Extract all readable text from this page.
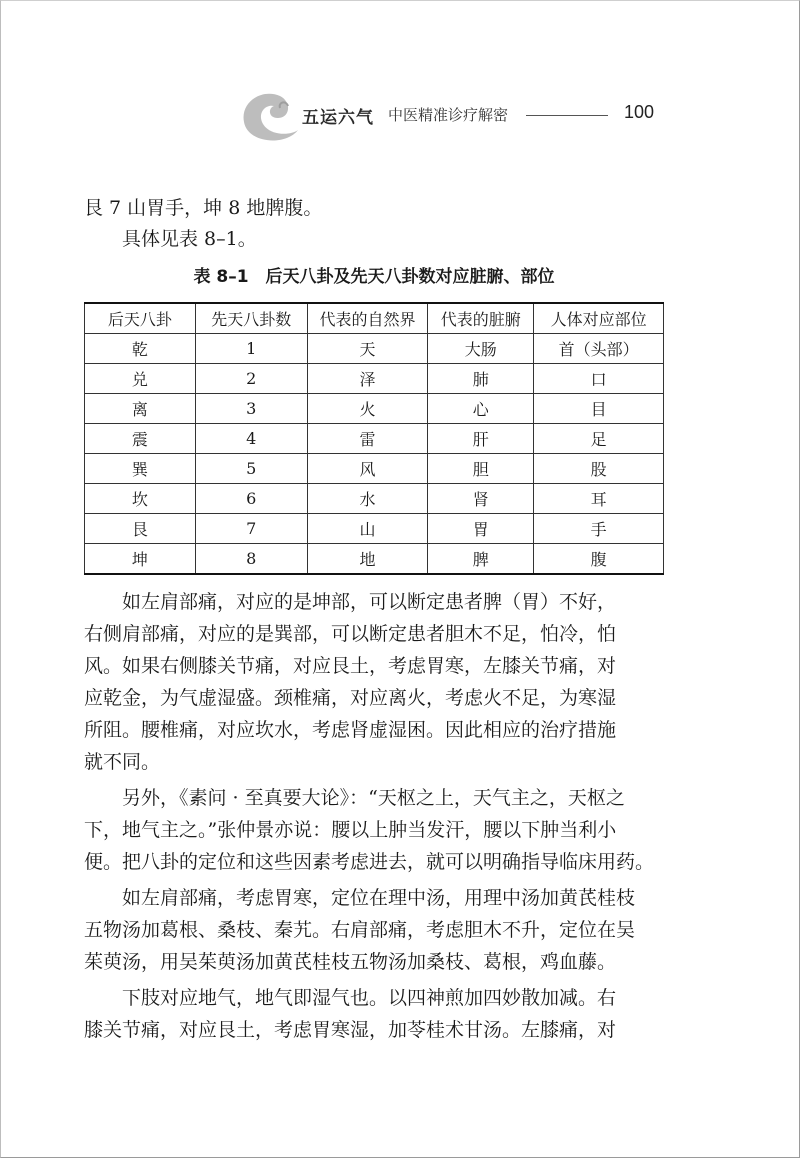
五运六气 中医精准诊疗解密	100

艮 7 山胃手，坤 8 地脾腹。

具体见表 8–1。

表 8–1　后天八卦及先天八卦数对应脏腑、部位

后天八卦	先天八卦数	代表的自然界	代表的脏腑	人体对应部位
乾	1	天	大肠	首（头部）
兑	2	泽	肺	口
离	3	火	心	目
震	4	雷	肝	足
巽	5	风	胆	股
坎	6	水	肾	耳
艮	7	山	胃	手
坤	8	地	脾	腹

如左肩部痛，对应的是坤部，可以断定患者脾（胃）不好，

右侧肩部痛，对应的是巽部，可以断定患者胆木不足，怕冷，怕

风。如果右侧膝关节痛，对应艮土，考虑胃寒，左膝关节痛，对

应乾金，为气虚湿盛。颈椎痛，对应离火，考虑火不足，为寒湿

所阻。腰椎痛，对应坎水，考虑肾虚湿困。因此相应的治疗措施

就不同。

另外，《素问 · 至真要大论》：“天枢之上，天气主之，天枢之

下，地气主之。”张仲景亦说：腰以上肿当发汗，腰以下肿当利小

便。把八卦的定位和这些因素考虑进去，就可以明确指导临床用药。

如左肩部痛，考虑胃寒，定位在理中汤，用理中汤加黄芪桂枝

五物汤加葛根、桑枝、秦艽。右肩部痛，考虑胆木不升，定位在吴

茱萸汤，用吴茱萸汤加黄芪桂枝五物汤加桑枝、葛根，鸡血藤。

下肢对应地气，地气即湿气也。以四神煎加四妙散加减。右

膝关节痛，对应艮土，考虑胃寒湿，加苓桂术甘汤。左膝痛，对
